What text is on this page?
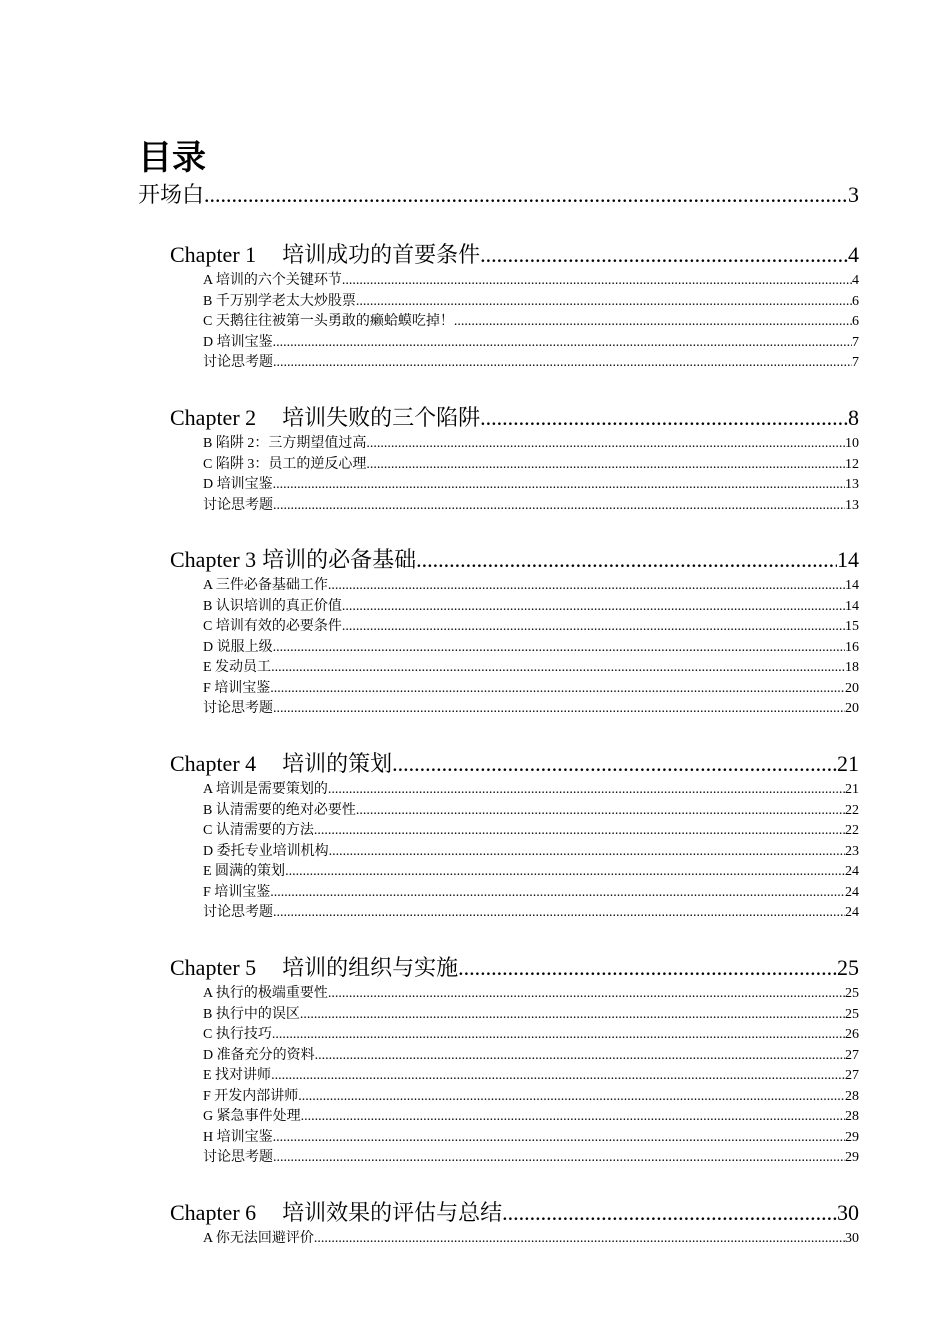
目录
开场白 .....	3
Chapter 1 培训成功的首要条件 .....	4
A 培训的六个关键环节 .....	4
B 千万别学老太大炒股票 .....	6
C 天鹅往往被第一头勇敢的癞蛤蟆吃掉！ .....	6
D 培训宝鉴 .....	7
讨论思考题 .....	7
Chapter 2 培训失败的三个陷阱 .....	8
B 陷阱 2：三方期望值过高 .....	10
C 陷阱 3：员工的逆反心理 .....	12
D 培训宝鉴 .....	13
讨论思考题 .....	13
Chapter 3 培训的必备基础 .....	14
A 三件必备基础工作 .....	14
B 认识培训的真正价值 .....	14
C 培训有效的必要条件 .....	15
D 说服上级 .....	16
E 发动员工 .....	18
F 培训宝鉴 .....	20
讨论思考题 .....	20
Chapter 4 培训的策划 .....	21
A 培训是需要策划的 .....	21
B 认清需要的绝对必要性 .....	22
C 认清需要的方法 .....	22
D 委托专业培训机构 .....	23
E 圆满的策划 .....	24
F 培训宝鉴 .....	24
讨论思考题 .....	24
Chapter 5 培训的组织与实施 .....	25
A 执行的极端重要性 .....	25
B 执行中的误区 .....	25
C 执行技巧 .....	26
D 准备充分的资料 .....	27
E 找对讲师 .....	27
F 开发内部讲师 .....	28
G 紧急事件处理 .....	28
H 培训宝鉴 .....	29
讨论思考题 .....	29
Chapter 6 培训效果的评估与总结 .....	30
A 你无法回避评价 .....	30
